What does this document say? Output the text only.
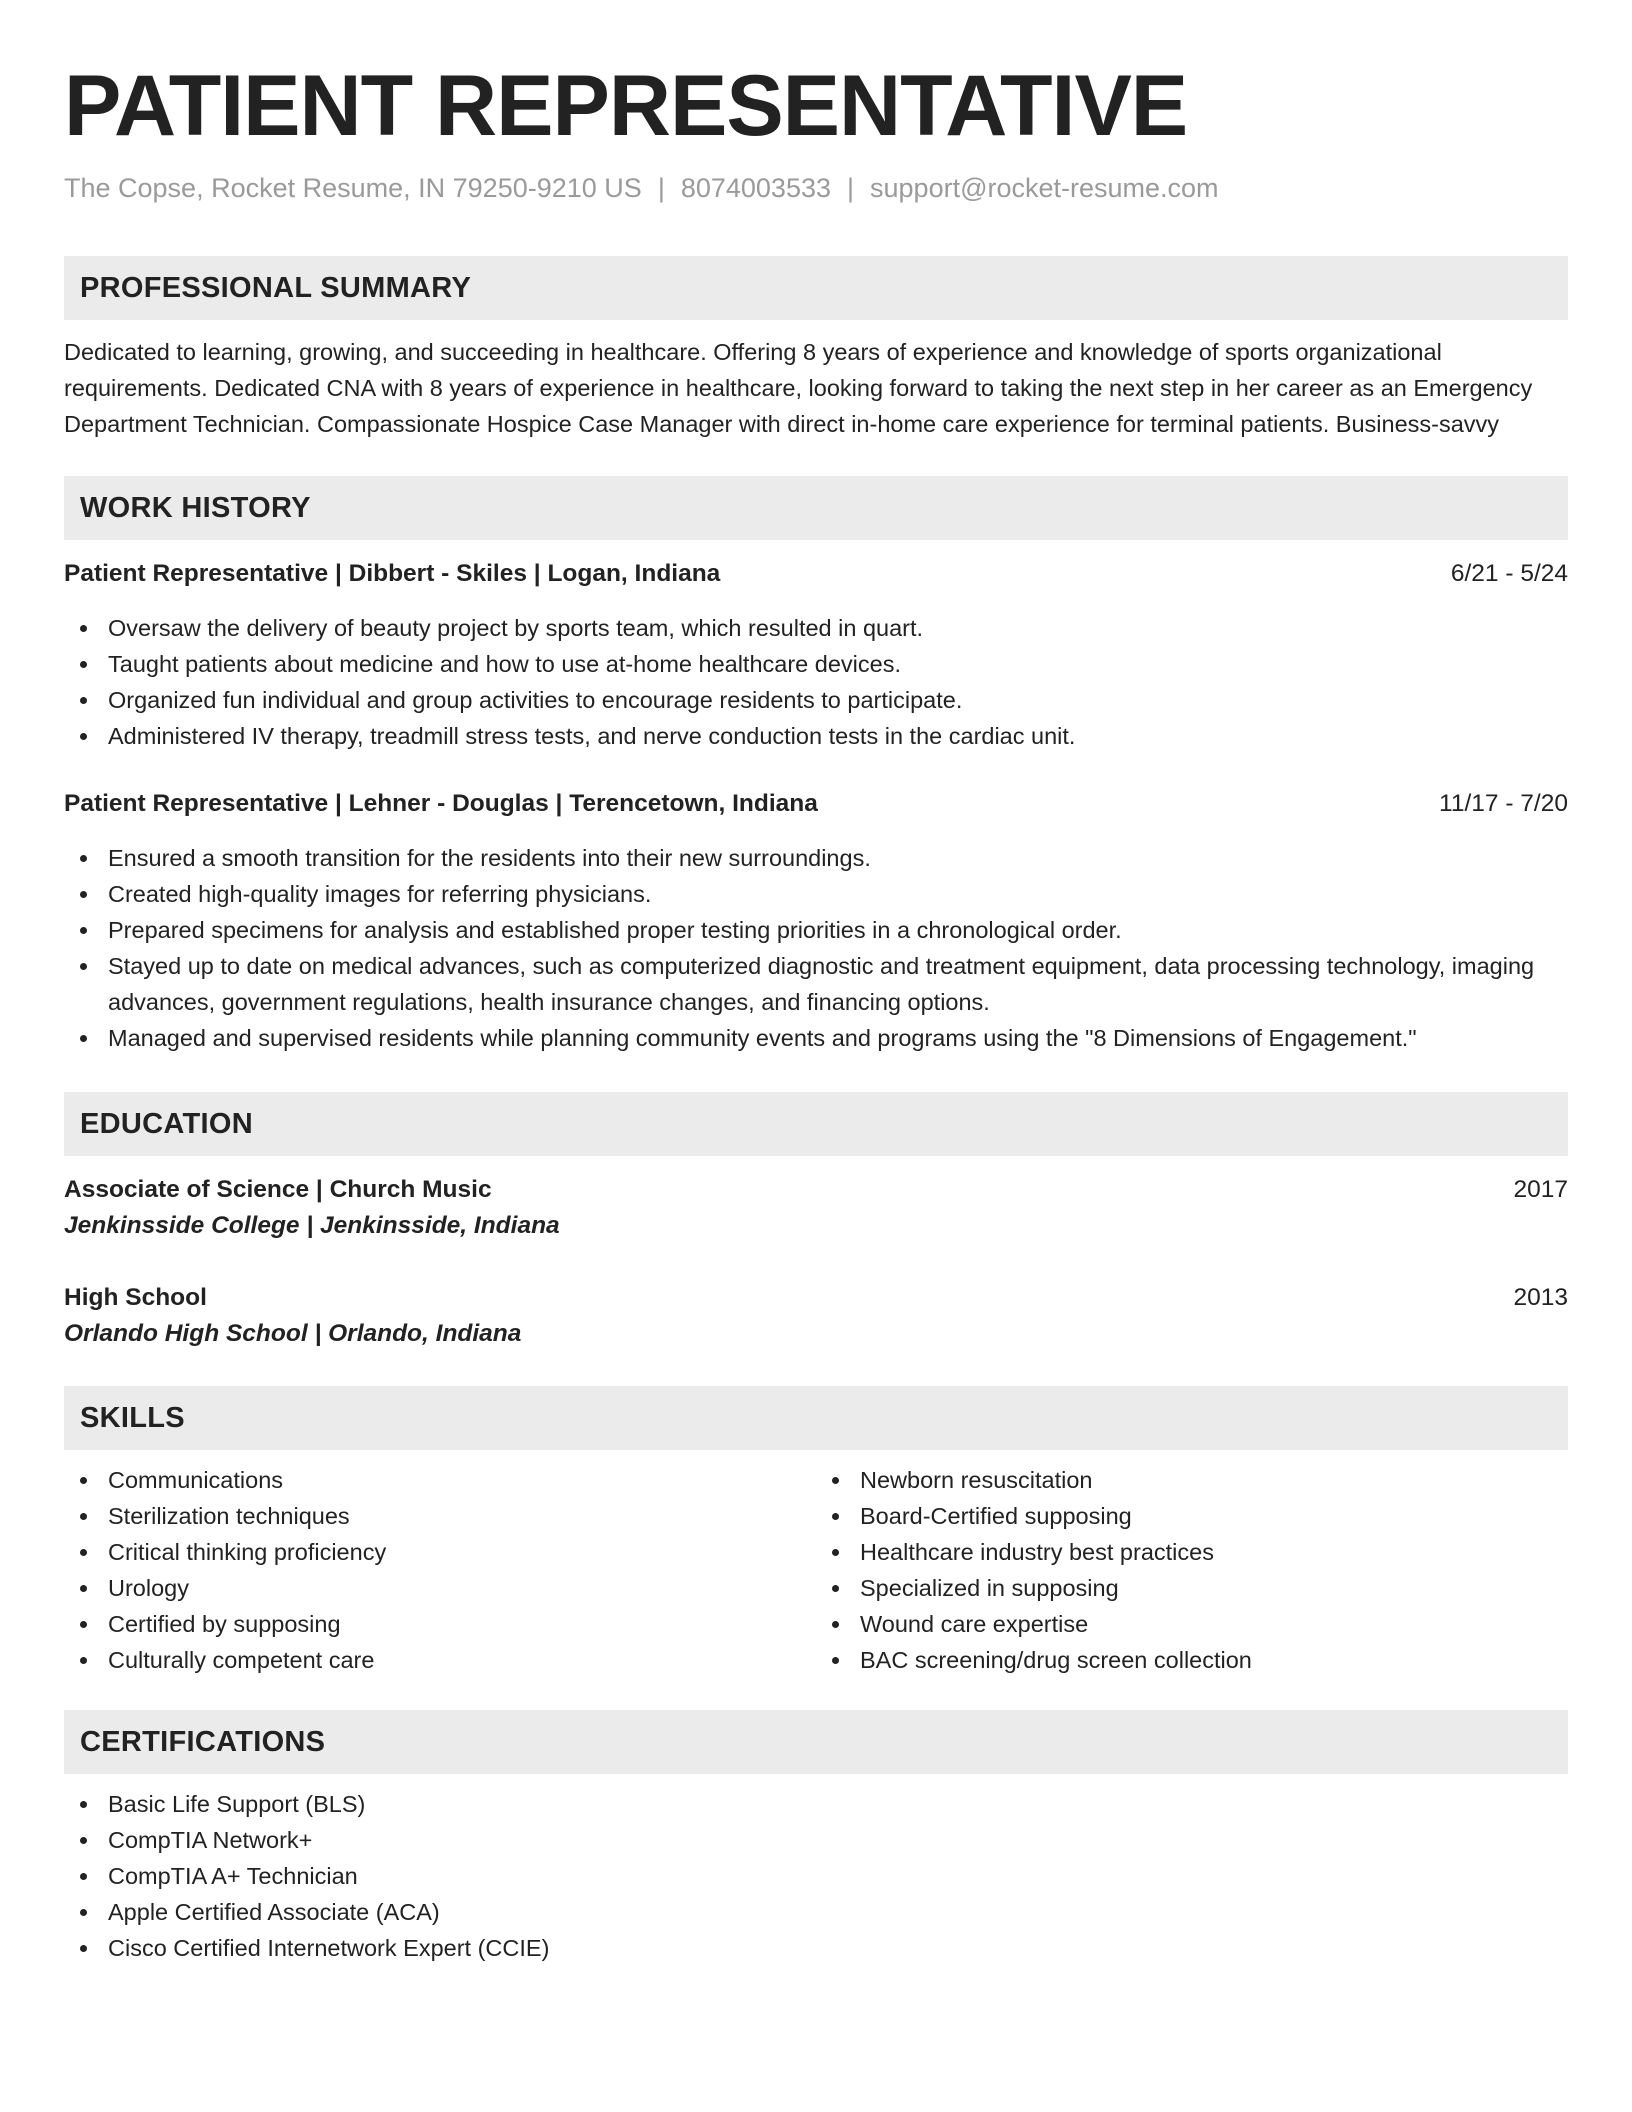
PATIENT REPRESENTATIVE
The Copse, Rocket Resume, IN 79250-9210 US | 8074003533 | support@rocket-resume.com
PROFESSIONAL SUMMARY

Dedicated to learning, growing, and succeeding in healthcare. Offering 8 years of experience and knowledge of sports organizational requirements. Dedicated CNA with 8 years of experience in healthcare, looking forward to taking the next step in her career as an Emergency Department Technician. Compassionate Hospice Case Manager with direct in-home care experience for terminal patients. Business-savvy

WORK HISTORY
Patient Representative | Dibbert - Skiles | Logan, Indiana	6/21 - 5/24
Oversaw the delivery of beauty project by sports team, which resulted in quart.
Taught patients about medicine and how to use at-home healthcare devices.
Organized fun individual and group activities to encourage residents to participate.
Administered IV therapy, treadmill stress tests, and nerve conduction tests in the cardiac unit.
Patient Representative | Lehner - Douglas | Terencetown, Indiana	11/17 - 7/20
Ensured a smooth transition for the residents into their new surroundings.
Created high-quality images for referring physicians.
Prepared specimens for analysis and established proper testing priorities in a chronological order.
Stayed up to date on medical advances, such as computerized diagnostic and treatment equipment, data processing technology, imaging advances, government regulations, health insurance changes, and financing options.
Managed and supervised residents while planning community events and programs using the "8 Dimensions of Engagement."
EDUCATION
Associate of Science | Church Music	2017
Jenkinsside College | Jenkinsside, Indiana
High School	2013
Orlando High School | Orlando, Indiana
SKILLS
Communications
Sterilization techniques
Critical thinking proficiency
Urology
Certified by supposing
Culturally competent care
Newborn resuscitation
Board-Certified supposing
Healthcare industry best practices
Specialized in supposing
Wound care expertise
BAC screening/drug screen collection
CERTIFICATIONS
Basic Life Support (BLS)
CompTIA Network+
CompTIA A+ Technician
Apple Certified Associate (ACA)
Cisco Certified Internetwork Expert (CCIE)
